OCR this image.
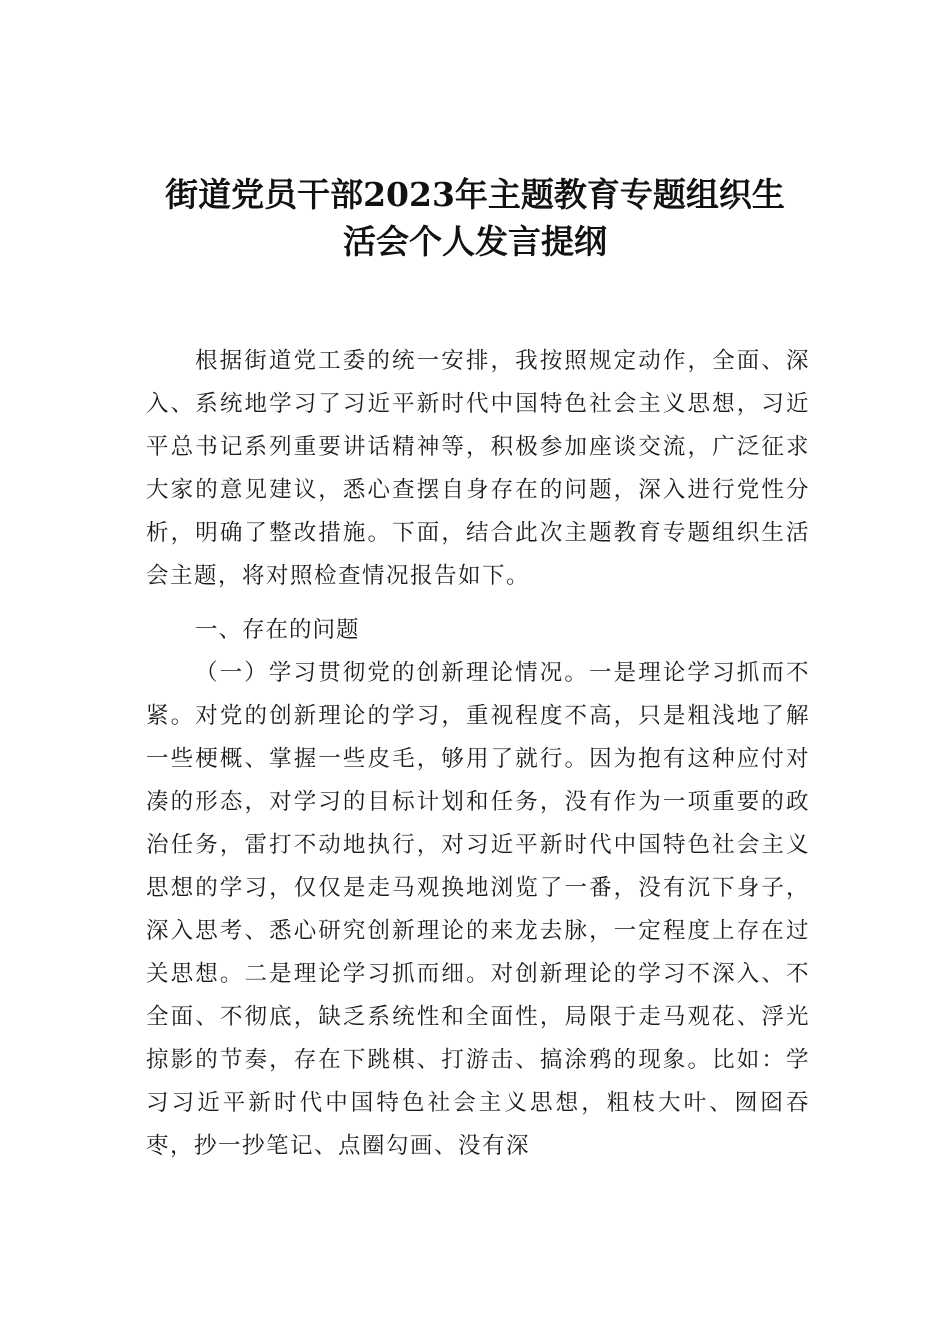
街道党员干部2023年主题教育专题组织生
活会个人发言提纲
根据街道党工委的统一安排，我按照规定动作，全面、深入、系统地学习了习近平新时代中国特色社会主义思想，习近平总书记系列重要讲话精神等，积极参加座谈交流，广泛征求大家的意见建议，悉心查摆自身存在的问题，深入进行党性分析，明确了整改措施。下面，结合此次主题教育专题组织生活会主题，将对照检查情况报告如下。
一、存在的问题
（一）学习贯彻党的创新理论情况。一是理论学习抓而不紧。对党的创新理论的学习，重视程度不高，只是粗浅地了解一些梗概、掌握一些皮毛，够用了就行。因为抱有这种应付对凑的形态，对学习的目标计划和任务，没有作为一项重要的政治任务，雷打不动地执行，对习近平新时代中国特色社会主义思想的学习，仅仅是走马观换地浏览了一番，没有沉下身子，深入思考、悉心研究创新理论的来龙去脉，一定程度上存在过关思想。二是理论学习抓而细。对创新理论的学习不深入、不全面、不彻底，缺乏系统性和全面性，局限于走马观花、浮光掠影的节奏，存在下跳棋、打游击、搞涂鸦的现象。比如：学习习近平新时代中国特色社会主义思想，粗枝大叶、囫囵吞枣，抄一抄笔记、点圈勾画、没有深
